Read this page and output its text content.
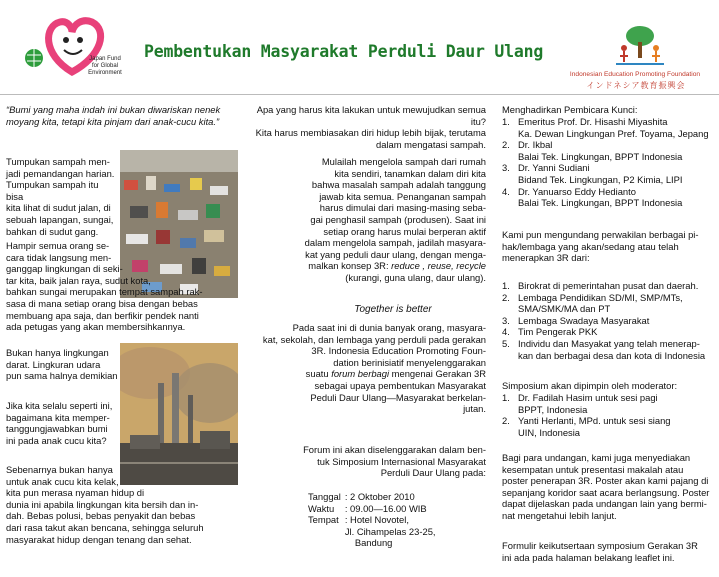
Japan Fund
for Global
Environment
Pembentukan Masyarakat Perduli Daur Ulang
Indonesian Education Promoting Foundation
インドネシア教育振興会
“Bumi yang maha indah ini bukan diwariskan nenek moyang kita, tetapi kita pinjam dari anak-cucu kita.”
Tumpukan sampah men-
jadi pemandangan harian.
Tumpukan sampah itu bisa
kita lihat di sudut jalan, di
sebuah lapangan, sungai,
bahkan di sudut gang.
Hampir semua orang se-
cara tidak langsung men-
ganggap lingkungan di seki-
tar kita, baik jalan raya, sudut kota,
bahkan sungai merupakan tempat sampah rak-
sasa di mana setiap orang bisa dengan bebas
membuang apa saja, dan berfikir pendek nanti
ada petugas yang akan membersihkannya.
Bukan hanya lingkungan
darat. Lingkuran udara
pun sama halnya demikian
Jika kita selalu seperti ini,
bagaimana kita memper-
tanggungjawabkan bumi
ini pada anak cucu kita?
Sebenarnya bukan hanya
untuk anak cucu kita kelak,
kita pun merasa nyaman hidup di
dunia ini apabila lingkungan kita bersih dan in-
dah. Bebas polusi, bebas penyakit dan bebas
dari rasa takut akan bencana, sehingga seluruh
masyarakat hidup dengan tenang dan sehat.
Apa yang harus kita lakukan untuk mewujudkan semua itu?
Kita harus membiasakan diri hidup lebih bijak, terutama
dalam mengatasi sampah.
Mulailah mengelola sampah dari rumah
kita sendiri, tanamkan dalam diri kita
bahwa masalah sampah adalah tanggung
jawab kita semua. Penanganan sampah
harus dimulai dari masing-masing seba-
gai penghasil sampah (produsen). Saat ini
setiap orang harus mulai berperan aktif
dalam mengelola sampah, jadilah masyara-
kat yang peduli daur ulang, dengan menga-
malkan konsep 3R: reduce , reuse, recycle
(kurangi, guna ulang, daur ulang).
Together is better
Pada saat ini di dunia banyak orang, masyara-
kat, sekolah, dan lembaga yang perduli pada gerakan
3R. Indonesia Education Promoting Foun-
dation berinisiatif menyelenggarakan
suatu forum berbagi mengenai Gerakan 3R
sebagai upaya pembentukan Masyarakat
Peduli Daur Ulang—Masyarakat berkelan-
jutan.
Forum ini akan diselenggarakan dalam ben-
tuk Simposium Internasional Masyarakat
Perduli Daur Ulang pada:
Tanggal	: 2 Oktober 2010
Waktu	: 09.00—16.00 WIB
Tempat	: Hotel Novotel,
	Jl. Cihampelas 23-25,
	Bandung
Menghadirkan Pembicara Kunci:
1. Emeritus Prof. Dr. Hisashi Miyashita
Ka. Dewan Lingkungan Pref. Toyama, Jepang
2. Dr. Ikbal
Balai Tek. Lingkungan, BPPT Indonesia
3. Dr. Yanni Sudiani
Bidand Tek. Lingkungan, P2 Kimia, LIPI
4. Dr. Yanuarso Eddy Hedianto
Balai Tek. Lingkungan, BPPT Indonesia
Kami pun mengundang perwakilan berbagai pi-
hak/lembaga yang akan/sedang atau telah
menerapkan 3R dari:
1. Birokrat di pemerintahan pusat dan daerah.
2. Lembaga Pendidikan SD/MI, SMP/MTs,
SMA/SMK/MA dan PT
3. Lembaga Swadaya Masyarakat
4. Tim Pengerak PKK
5. Individu dan Masyakat yang telah menerap-
kan dan berbagai desa dan kota di Indonesia
Simposium akan dipimpin oleh moderator:
1. Dr. Fadilah Hasim untuk sesi pagi
BPPT, Indonesia
2. Yanti Herlanti, MPd. untuk sesi siang
UIN, Indonesia
Bagi para undangan, kami juga menyediakan
kesempatan untuk presentasi makalah atau
poster penerapan 3R. Poster akan kami pajang di
sepanjang koridor saat acara berlangsung. Poster
dapat dijelaskan pada undangan lain yang bermi-
nat mengetahui lebih lanjut.
Formulir keikutsertaan symposium Gerakan 3R
ini ada pada halaman belakang leaflet ini.
